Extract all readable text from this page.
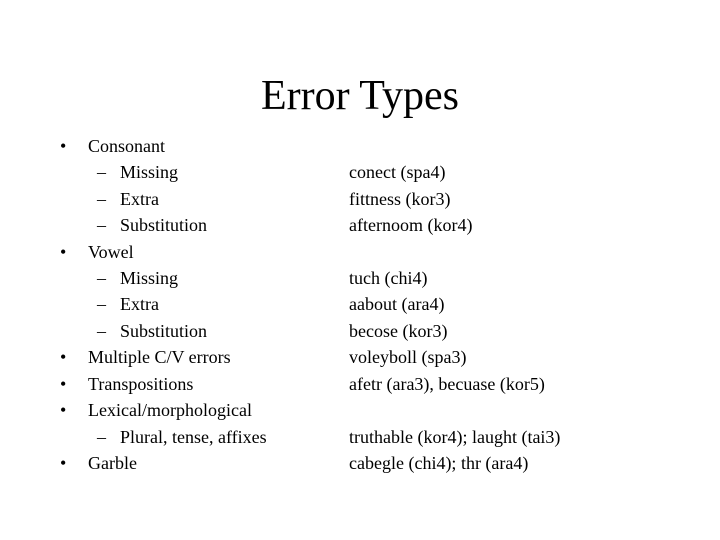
Error Types
• Consonant
– Missing	conect (spa4)
– Extra	fittness (kor3)
– Substitution	afternoom (kor4)
• Vowel
– Missing	tuch (chi4)
– Extra	aabout (ara4)
– Substitution	becose (kor3)
• Multiple C/V errors	voleyboll (spa3)
• Transpositions	afetr (ara3), becuase (kor5)
• Lexical/morphological
– Plural, tense, affixes	truthable (kor4); laught (tai3)
• Garble	cabegle (chi4); thr (ara4)
